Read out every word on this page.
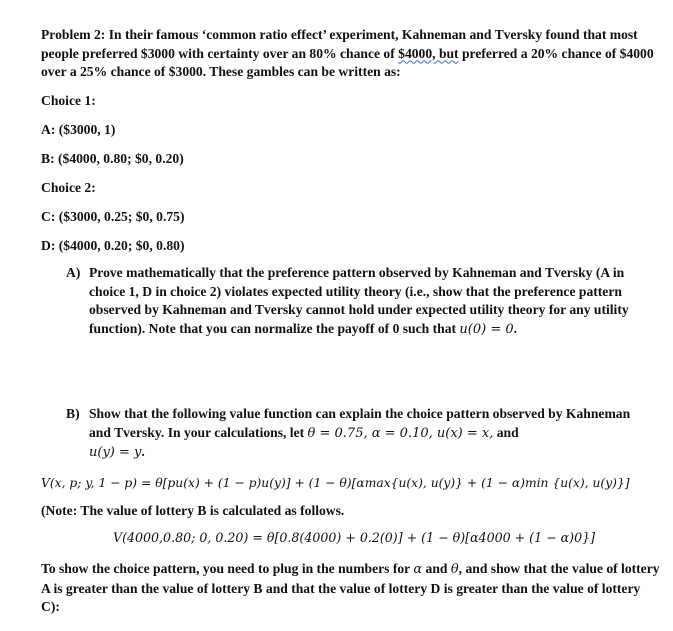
Problem 2: In their famous ‘common ratio effect’ experiment, Kahneman and Tversky found that most people preferred $3000 with certainty over an 80% chance of $4000, but preferred a 20% chance of $4000 over a 25% chance of $3000. These gambles can be written as:
Choice 1:
A: ($3000, 1)
B: ($4000, 0.80; $0, 0.20)
Choice 2:
C: ($3000, 0.25; $0, 0.75)
D: ($4000, 0.20; $0, 0.80)
A) Prove mathematically that the preference pattern observed by Kahneman and Tversky (A in choice 1, D in choice 2) violates expected utility theory (i.e., show that the preference pattern observed by Kahneman and Tversky cannot hold under expected utility theory for any utility function). Note that you can normalize the payoff of 0 such that u(0) = 0.
B) Show that the following value function can explain the choice pattern observed by Kahneman and Tversky. In your calculations, let θ = 0.75, α = 0.10, u(x) = x, and
u(y) = y.
V(x, p; y, 1 − p) = θ[pu(x) + (1 − p)u(y)] + (1 − θ)[αmax{u(x), u(y)} + (1 − α)min {u(x), u(y)}]
(Note: The value of lottery B is calculated as follows.
V(4000,0.80; 0, 0.20) = θ[0.8(4000) + 0.2(0)] + (1 − θ)[α4000 + (1 − α)0}]
To show the choice pattern, you need to plug in the numbers for α and θ, and show that the value of lottery A is greater than the value of lottery B and that the value of lottery D is greater than the value of lottery C):
